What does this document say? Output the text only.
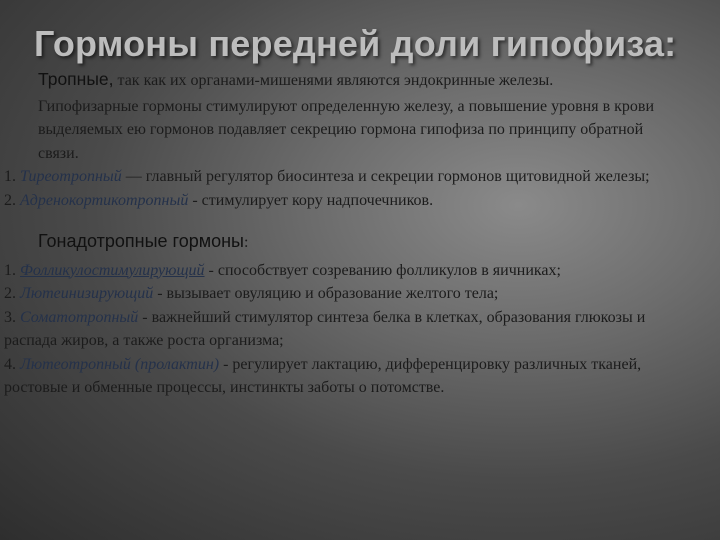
Гормоны передней доли гипофиза:

Тропные, так как их органами-мишенями являются эндокринные железы.

Гипофизарные гормоны стимулируют определенную железу, а повышение уровня в крови выделяемых ею гормонов подавляет секрецию гормона гипофиза по принципу обратной связи.

1. Тиреотропный — главный регулятор биосинтеза и секреции гормонов щитовидной железы;

2. Адренокортикотропный - стимулирует кору надпочечников.

Гонадотропные гормоны:

1. Фолликулостимулирующий - способствует созреванию фолликулов в яичниках;

2. Лютеинизирующий - вызывает овуляцию и образование желтого тела;

3. Соматотропный - важнейший стимулятор синтеза белка в клетках, образования глюкозы и распада жиров, а также роста организма;

4. Лютеотропный (пролактин) - регулирует лактацию, дифференцировку различных тканей, ростовые и обменные процессы, инстинкты заботы о потомстве.
